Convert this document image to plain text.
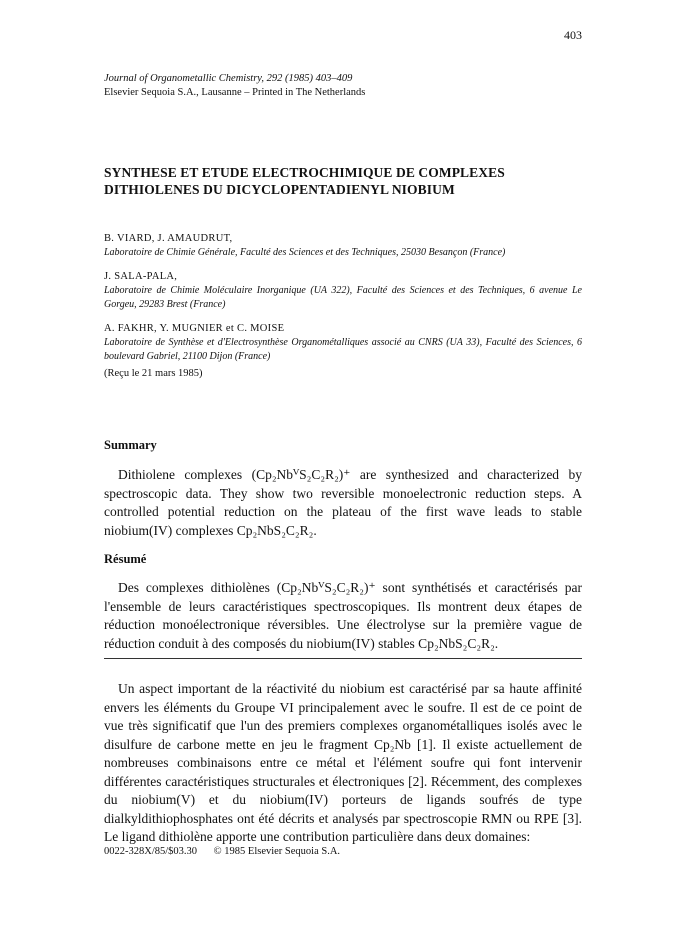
403
Journal of Organometallic Chemistry, 292 (1985) 403–409
Elsevier Sequoia S.A., Lausanne – Printed in The Netherlands
SYNTHESE ET ETUDE ELECTROCHIMIQUE DE COMPLEXES DITHIOLENES DU DICYCLOPENTADIENYL NIOBIUM
B. VIARD, J. AMAUDRUT,
Laboratoire de Chimie Générale, Faculté des Sciences et des Techniques, 25030 Besançon (France)
J. SALA-PALA,
Laboratoire de Chimie Moléculaire Inorganique (UA 322), Faculté des Sciences et des Techniques, 6 avenue Le Gorgeu, 29283 Brest (France)
A. FAKHR, Y. MUGNIER et C. MOISE
Laboratoire de Synthèse et d'Electrosynthèse Organométalliques associé au CNRS (UA 33), Faculté des Sciences, 6 boulevard Gabriel, 21100 Dijon (France)
(Reçu le 21 mars 1985)
Summary
Dithiolene complexes (Cp₂NbⱽS₂C₂R₂)⁺ are synthesized and characterized by spectroscopic data. They show two reversible monoelectronic reduction steps. A controlled potential reduction on the plateau of the first wave leads to stable niobium(IV) complexes Cp₂NbS₂C₂R₂.
Résumé
Des complexes dithiolènes (Cp₂NbⱽS₂C₂R₂)⁺ sont synthétisés et caractérisés par l'ensemble de leurs caractéristiques spectroscopiques. Ils montrent deux étapes de réduction monoélectronique réversibles. Une électrolyse sur la première vague de réduction conduit à des composés du niobium(IV) stables Cp₂NbS₂C₂R₂.
Un aspect important de la réactivité du niobium est caractérisé par sa haute affinité envers les éléments du Groupe VI principalement avec le soufre. Il est de ce point de vue très significatif que l'un des premiers complexes organométalliques isolés avec le disulfure de carbone mette en jeu le fragment Cp₂Nb [1]. Il existe actuellement de nombreuses combinaisons entre ce métal et l'élément soufre qui font intervenir différentes caractéristiques structurales et électroniques [2]. Récemment, des complexes du niobium(V) et du niobium(IV) porteurs de ligands soufrés de type dialkyldithiophosphates ont été décrits et analysés par spectroscopie RMN ou RPE [3]. Le ligand dithiolène apporte une contribution particulière dans deux domaines:
0022-328X/85/$03.30 © 1985 Elsevier Sequoia S.A.
